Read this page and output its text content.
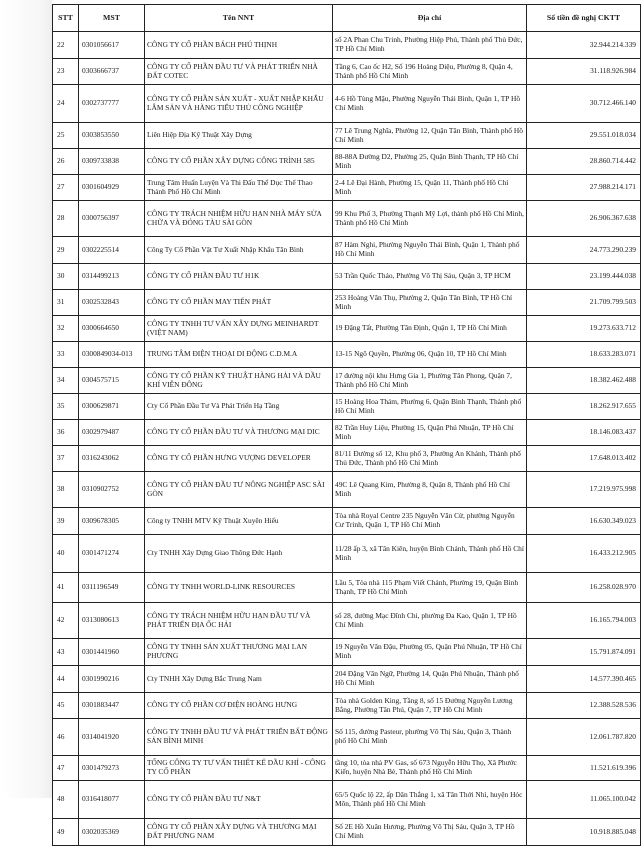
STT	MST	Tên NNT	Địa chỉ	Số tiền đề nghị CKTT
22	0301056617	CÔNG TY CỔ PHẦN BÁCH PHÚ THỊNH	số 2A Phan Chu Trinh, Phường Hiệp Phú, Thành phố Thủ Đức, TP Hồ Chí Minh	32.944.214.339
23	0303666737	CÔNG TY CỔ PHẦN ĐẦU TƯ VÀ PHÁT TRIỂN NHÀ ĐẤT COTEC	Tầng 6, Cao ốc H2, Số 196 Hoàng Diệu, Phường 8, Quận 4, Thành phố Hồ Chí Minh	31.118.926.984
24	0302737777	CÔNG TY CỔ PHẦN SẢN XUẤT - XUẤT NHẬP KHẨU LÂM SẢN VÀ HÀNG TIỂU THỦ CÔNG NGHIỆP	4-6 Hồ Tùng Mậu, Phường Nguyễn Thái Bình, Quận 1, TP Hồ Chí Minh	30.712.466.140
25	0303853550	Liên Hiệp Địa Kỹ Thuật Xây Dựng	77 Lê Trung Nghĩa, Phường 12, Quận Tân Bình, Thành phố Hồ Chí Minh	29.551.018.034
26	0309733838	CÔNG TY CỔ PHẦN XÂY DỰNG CÔNG TRÌNH 585	88-88A Đường D2, Phường 25, Quận Bình Thạnh, TP Hồ Chí Minh	28.860.714.442
27	0301604929	Trung Tâm Huấn Luyện Và Thi Đấu Thể Dục Thể Thao Thành Phố Hồ Chí Minh	2-4 Lê Đại Hành, Phường 15, Quận 11, Thành phố Hồ Chí Minh	27.988.214.171
28	0300756397	CÔNG TY TRÁCH NHIỆM HỮU HẠN NHÀ MÁY SỬA CHỮA VÀ ĐÓNG TÀU SÀI GÒN	99 Khu Phố 3, Phường Thạnh Mỹ Lợi, thành phố Hồ Chí Minh, Thành phố Hồ Chí Minh	26.906.367.638
29	0302225514	Công Ty Cổ Phần Vật Tư Xuất Nhập Khẩu Tân Bình	87 Hàm Nghi, Phường Nguyễn Thái Bình, Quận 1, Thành phố Hồ Chí Minh	24.773.290.239
30	0314499213	CÔNG TY CỔ PHẦN ĐẦU TƯ H1K	53 Trần Quốc Thảo, Phường Võ Thị Sáu, Quận 3, TP HCM	23.199.444.038
31	0302532843	CÔNG TY CỔ PHẦN MAY TIẾN PHÁT	253 Hoàng Văn Thụ, Phường 2, Quận Tân Bình, TP Hồ Chí Minh	21.709.799.503
32	0300664650	CÔNG TY TNHH TƯ VẤN XÂY DỰNG MEINHARDT (VIỆT NAM)	19 Đặng Tất, Phường Tân Định, Quận 1, TP Hồ Chí Minh	19.273.633.712
33	0300849034-013	TRUNG TÂM ĐIỆN THOẠI DI ĐỘNG C.D.M.A	13-15 Ngô Quyền, Phường 06, Quận 10, TP Hồ Chí Minh	18.633.283.071
34	0304575715	CÔNG TY CỔ PHẦN KỸ THUẬT HÀNG HẢI VÀ DẦU KHÍ VIỄN ĐÔNG	17 đường nội khu Hưng Gia 1, Phường Tân Phong, Quận 7, Thành phố Hồ Chí Minh	18.382.462.488
35	0300629871	Cty Cổ Phần Đầu Tư Và Phát Triển Hạ Tầng	15 Hoàng Hoa Thám, Phường 6, Quận Bình Thạnh, Thành phố Hồ Chí Minh	18.262.917.655
36	0302979487	CÔNG TY CỔ PHẦN ĐẦU TƯ VÀ THƯƠNG MẠI DIC	82 Trần Huy Liệu, Phường 15, Quận Phú Nhuận, TP Hồ Chí Minh	18.146.083.437
37	0316243062	CÔNG TY CỔ PHẦN HƯNG VƯỢNG DEVELOPER	81/11 Đường số 12, Khu phố 3, Phường An Khánh, Thành phố Thủ Đức, Thành phố Hồ Chí Minh	17.648.013.402
38	0310902752	CÔNG TY CỔ PHẦN ĐẦU TƯ NÔNG NGHIỆP ASC SÀI GÒN	49C Lê Quang Kim, Phường 8, Quận 8, Thành phố Hồ Chí Minh	17.219.975.998
39	0309678305	Công ty TNHH MTV Kỹ Thuật Xuyên Hiếu	Tòa nhà Royal Centre 235 Nguyễn Văn Cừ, phường Nguyễn Cư Trinh, Quận 1, TP Hồ Chí Minh	16.630.349.023
40	0301471274	Cty TNHH Xây Dựng Giao Thông Đức Hạnh	11/28 ấp 3, xã Tân Kiên, huyện Bình Chánh, Thành phố Hồ Chí Minh	16.433.212.905
41	0311196549	CÔNG TY TNHH WORLD-LINK RESOURCES	Lầu 5, Tòa nhà 115 Phạm Viết Chánh, Phường 19, Quận Bình Thạnh, TP Hồ Chí Minh	16.258.028.970
42	0313080613	CÔNG TY TRÁCH NHIỆM HỮU HẠN ĐẦU TƯ VÀ PHÁT TRIỂN ĐỊA ỐC HẢI	số 28, đường Mạc Đĩnh Chi, phường Đa Kao, Quận 1, TP Hồ Chí Minh	16.165.794.003
43	0301441960	CÔNG TY TNHH SẢN XUẤT THƯƠNG MẠI LAN PHƯƠNG	19 Nguyễn Văn Đậu, Phường 05, Quận Phú Nhuận, TP Hồ Chí Minh	15.791.874.091
44	0301990216	Cty TNHH Xây Dựng Bắc Trung Nam	204 Đặng Văn Ngữ, Phường 14, Quận Phú Nhuận, Thành phố Hồ Chí Minh	14.577.390.465
45	0301883447	CÔNG TY CỔ PHẦN CƠ ĐIỆN HOÀNG HƯNG	Tòa nhà Golden King, Tầng 8, số 15 Đường Nguyễn Lương Bằng, Phường Tân Phú, Quận 7, TP Hồ Chí Minh	12.388.528.536
46	0314041920	CÔNG TY TNHH ĐẦU TƯ VÀ PHÁT TRIỂN BẤT ĐỘNG SẢN BÌNH MINH	Số 115, đường Pasteur, phường Võ Thị Sáu, Quận 3, Thành phố Hồ Chí Minh	12.061.787.820
47	0301479273	TỔNG CÔNG TY TƯ VẤN THIẾT KẾ DẦU KHÍ - CÔNG TY CỔ PHẦN	tầng 10, tòa nhà PV Gas, số 673 Nguyễn Hữu Thọ, Xã Phước Kiển, huyện Nhà Bè, Thành phố Hồ Chí Minh	11.521.619.396
48	0316418077	CÔNG TY CỔ PHẦN ĐẦU TƯ N&T	65/5 Quốc lộ 22, ấp Dân Thắng 1, xã Tân Thới Nhì, huyện Hóc Môn, Thành phố Hồ Chí Minh	11.065.100.042
49	0302035369	CÔNG TY CỔ PHẦN XÂY DỰNG VÀ THƯƠNG MẠI ĐẤT PHƯƠNG NAM	Số 2E Hồ Xuân Hương, Phường Võ Thị Sáu, Quận 3, TP Hồ Chí Minh	10.918.885.048
